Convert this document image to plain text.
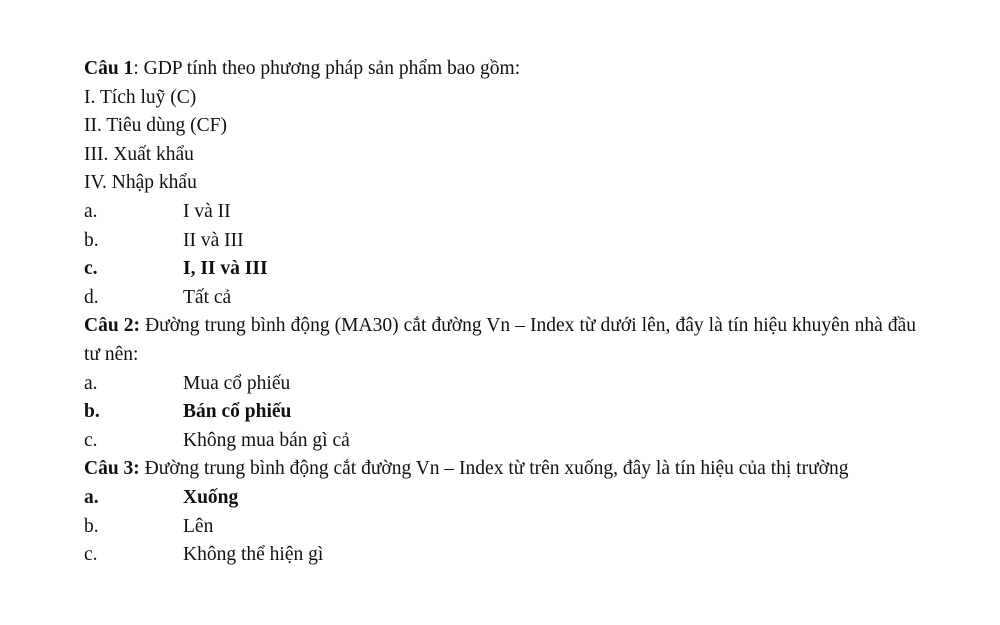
Câu 1: GDP tính theo phương pháp sản phẩm bao gồm:
I. Tích luỹ (C)
II. Tiêu dùng (CF)
III. Xuất khẩu
IV. Nhập khẩu
a.	I và II
b.	II và III
c.	I, II và III
d.	Tất cả
Câu 2: Đường trung bình động (MA30) cắt đường Vn – Index từ dưới lên, đây là tín hiệu khuyên nhà đầu tư nên:
a.	Mua cổ phiếu
b.	Bán cổ phiếu
c.	Không mua bán gì cả
Câu 3: Đường trung bình động cắt đường Vn – Index từ trên xuống, đây là tín hiệu của thị trường
a.	Xuống
b.	Lên
c.	Không thể hiện gì
